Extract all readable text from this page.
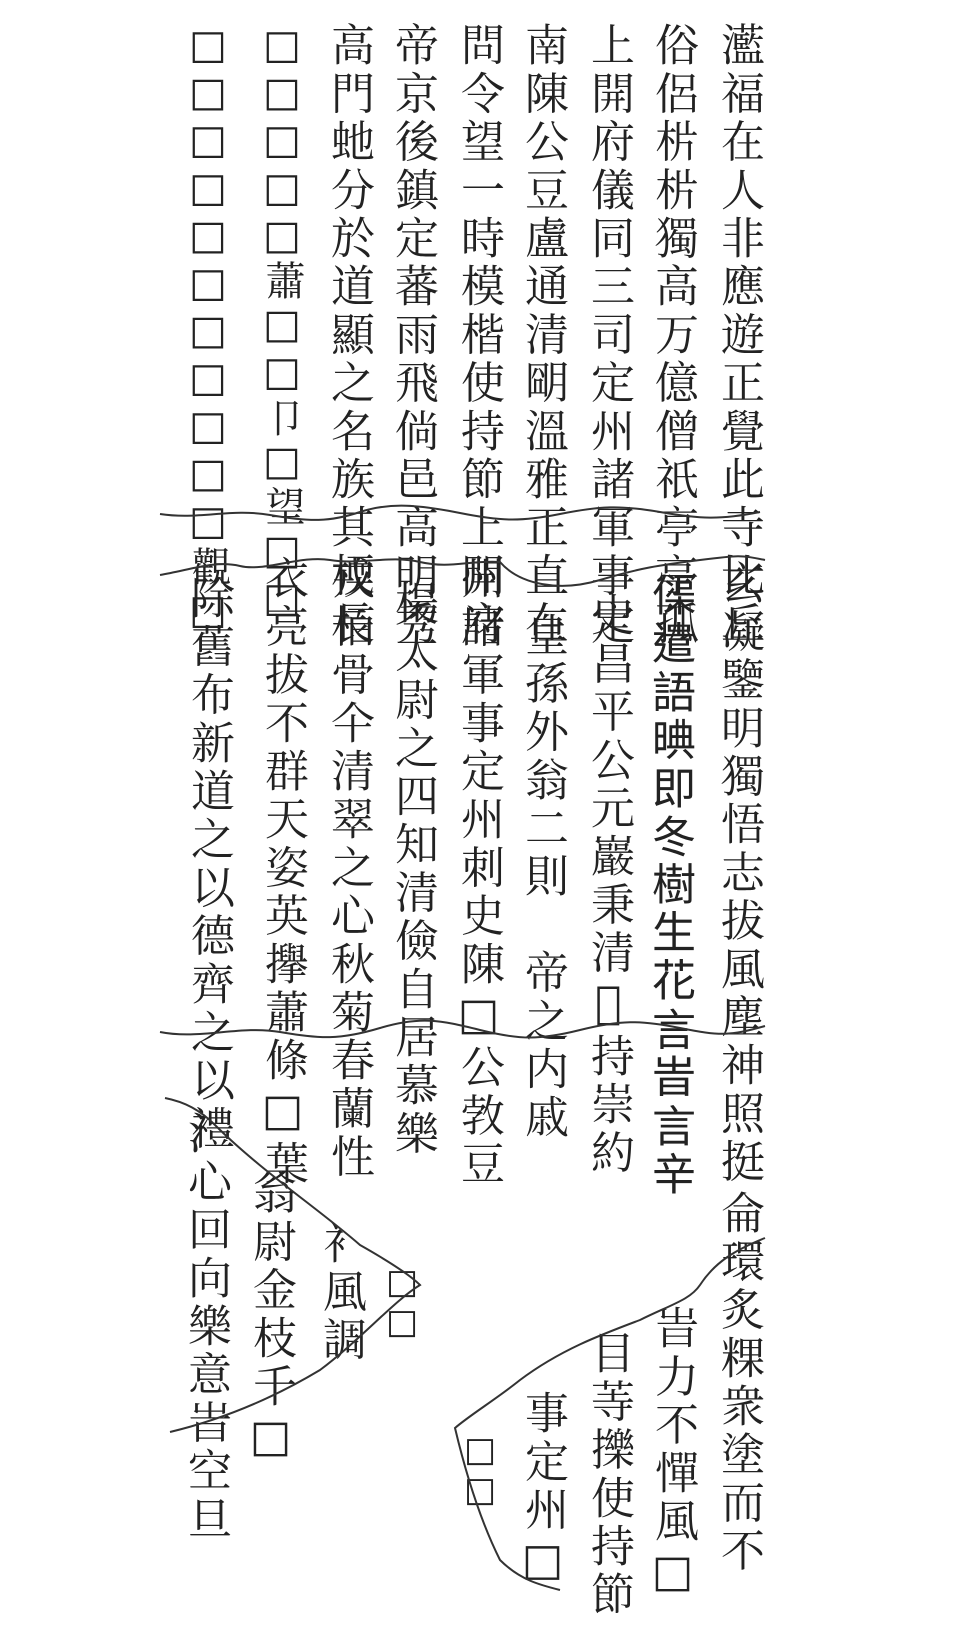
灆福在人非應遊正覺此寺比丘
俗侶㭊㭊獨高万億僧祇亭亭孤
上開府儀同三司定州諸軍事定
南陳公豆盧通清朙溫雅正直在
問令望一時模楷使持節上開府
帝京後鎮定蕃雨飛倘邑高明秀
高門虵分於道顯之名族其㮕長
□□□□□蕭□□卩□望□□
□□□□□□□□□□□觀□
玄凝鑒明獨悟志拔風塵神照挺
𠍲遣語晪即冬樹生花言旹言辛
史昌平公元巖秉清𠫤持崇約
皇孫外翁二則　帝之内戚
州諸軍事定州刺史陳□公㪍豆
楊太尉之四知清儉自居慕樂
戎栢骨仐清翠之心秋菊春蘭性
衣亮拔不群天姿英㩮蕭條□葉
除舊布新道之以德齊之以禮
氵心回向樂意旹空旦 翁尉金枝千□ 衤風調 □□	侖環炙粿衆塗而不
旹力不憚風□
目䓁擽使持節
事定州□
□□
